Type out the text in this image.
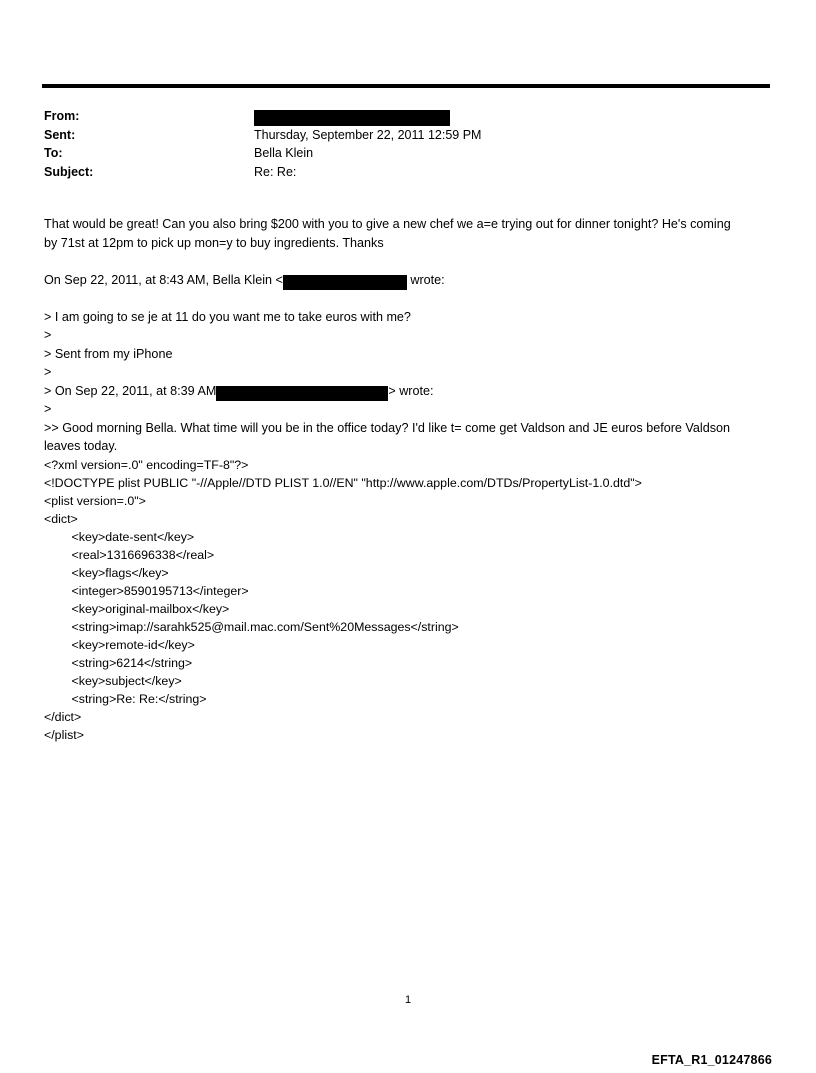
From:
Sent:	Thursday, September 22, 2011 12:59 PM
To:	Bella Klein
Subject:	Re: Re:

That would be great! Can you also bring $200 with you to give a new chef we a=e trying out for dinner tonight? He's coming by 71st at 12pm to pick up mon=y to buy ingredients. Thanks

On Sep 22, 2011, at 8:43 AM, Bella Klein <	wrote:
> I am going to se je at 11 do you want me to take euros with me?
>
> Sent from my iPhone
>
> On Sep 22, 2011, at 8:39 AM	> wrote:
>
>> Good morning Bella. What time will you be in the office today? I'd like t= come get Valdson and JE euros before Valdson leaves today.
<?xml version=.0" encoding=TF-8"?>
<!DOCTYPE plist PUBLIC "-//Apple//DTD PLIST 1.0//EN" "http://www.apple.com/DTDs/PropertyList-1.0.dtd">
<plist version=.0">
<dict>
<key>date-sent</key>
<real>1316696338</real>
<key>flags</key>
<integer>8590195713</integer>
<key>original-mailbox</key>
<string>imap://sarahk525@mail.mac.com/Sent%20Messages</string>
<key>remote-id</key>
<string>6214</string>
<key>subject</key>
<string>Re: Re:</string>
</dict>
</plist>
1
EFTA_R1_01247866
